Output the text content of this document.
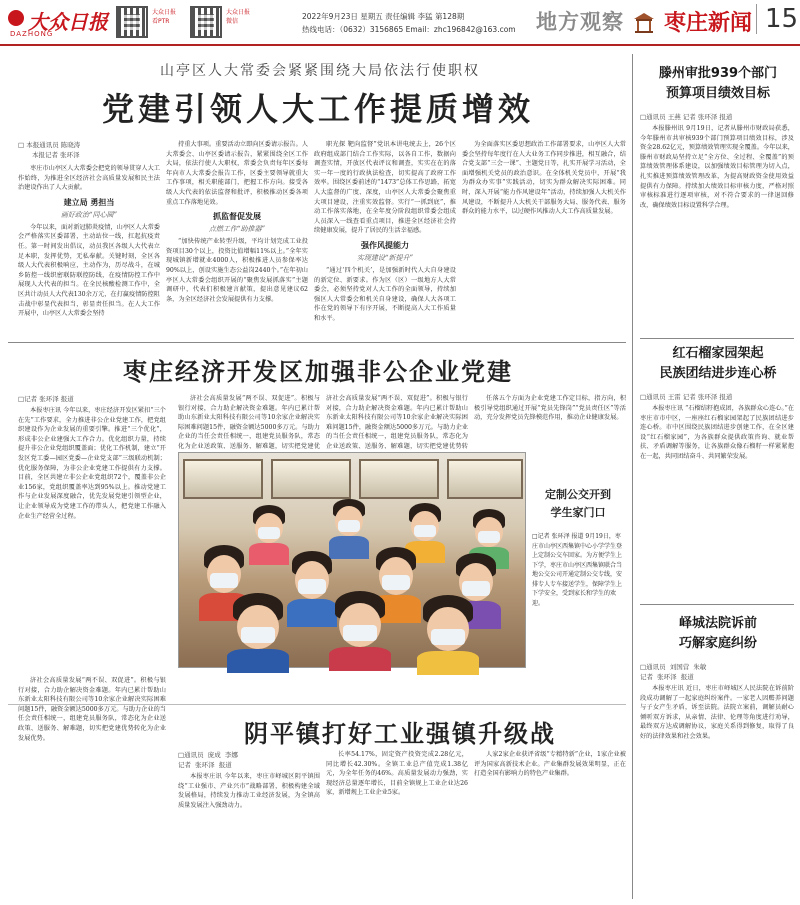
大众日报
DAZHONG
大众日报
看PTR
大众日报
微信
2022年9月23日 星期五 责任编辑 李猛 第128期
热线电话：（0632）3156865 Email：zhc196842@163.com 地方观察 枣庄新闻 15
山亭区人大常委会紧紧围绕大局依法行使职权
党建引领人大工作提质增效
□ 本报通讯员 陈晓涛
本报记者 张环泽

枣庄市山亭区人大常委会把党的领导贯穿人大工作始终，为推进全区经济社会高质量发展和民主法治建设作出了人大贡献。

建立局 勇担当

画好政治“同心圆”

今年以来，面对新冠肺炎疫情，山亭区人大常委会严格落实区委部署，主动站位一线，扛起抗疫责任。第一时间发出倡议，动员我区各级人大代表立足本职，发挥优势，无私奉献。关键时刻，全区各级人大代表积极响应，主动作为，历尽战斗，在城乡防控一线织密联防联控防线，在疫情防控工作中展现人大代表的担当。在全民核酸检测工作中，全区共计动员人大代表130余万元，在打赢疫情防控阻击战中彰显代表担当，彰显责任担当。在人大工作开展中，山亭区人大常委会坚持

持重大事项。重要活动立即向区委请示报告。人大常委会、山亭区委请示报告，紧紧围绕全区工作大局，依法行使人大职权，常委会负责每年区委每年向市人大常委会报告工作，区委主要领导就重大工作事项，相关职能部门，把握工作方向。接受各级人大代表的依法监督和批评，积极推动区委各项重点工作落地见效。

抓监督促发展

点燃工作“助推器”

“加快传统产业转型升级，平均计划完成工业投资项目30个以上，投资比值增幅11%以上。”全年实现城镇新增就业4000人，积极推进人员参保率达90%以上，创设实施生态公益岗2440个。”在年初山亭区人大常委会组织开展的“聚焦发展抓落实”主题调研中，代表们积极建言献策，提出意见建议62条，为全区经济社会发展提供有力支撑。

职光探 靶向监督”党讯本讲电统去上，26个区政府组成部门结合工作实际，以各自工作，数据向调查实情，开放区代表评议和调查，实实在在的落实一年一度的行政执法检查，切实提高了政府工作效率。围绕区委前述的“1473”总体工作思路，拓宽人大监督的广度、深度，山亭区人大常委会聚焦重大项目建设，注重实效监督。实行“一抓到底”，推动工作落实落地，在全年度分阶段组织常委会组成人员深入一线查看重点项目，推进全区经济社会持续健康发展，提升了居民的生活幸福感。

强作风提能力

实现建设“新提升”

“通过‘四个机关’，是加强新时代人大自身建设的新定位、新要求。作为区（区）一级地方人大常委会，必须坚持党对人大工作的全面领导，持续加强区人大常委会和机关自身建设，确保人大各项工作在党的领导下有序开展，不断提高人大工作质量和水平。

为全面落实区委思想政治工作部署要求，山亭区人大常委会坚持每年度行在人大业务工作同步推进，相互融合，结合党支部“三会一课”、主题党日等，扎实开展学习活动，全面增强机关党员的政治意识。在全体机关党员中，开展“我为群众办实事”实践活动，切实为群众解决实际困难。同时，深入开展“能力作风建设年”活动，持续加强人大机关作风建设，不断提升人大机关干部服务大局、服务代表、服务群众的能力水平，以过硬作风推动人大工作高质量发展。

枣庄经济开发区加强非公企业党建
□记者 张环泽 报道

本报枣庄讯 今年以来，枣庄经济开发区紧扣“三个在先”工作要求，全力推进非公企业党建工作，把党组织建设作为企业发展的重要引擎。推进“三个优化”，形成非公企业建强大工作合力。优化组织力量，持续提升非公企业党组织覆盖面；优化工作机制，建立“开发区党工委—园区党委—企业党支部”三级联动机制；优化服务保障，为非公企业党建工作提供有力支撑。目前，全区共建立非公企业党组织72个，覆盖非公企业156家，党组织覆盖率达到95%以上。推动党建工作与企业发展深度融合，优先发展党建引领型企业，让企业领导成为党建工作的带头人，把党建工作融入企业生产经营全过程。

济社会高质量发展“两不误、双促进”。积极与银行对接，合力助企解决资金难题。年内已累计帮助山东新业太阳科技有限公司等10余家企业解决实际困难问题15件，融资金额达5000多万元。与助力企业的当任会责任相统一，组建党员服务队，常态化为企业送政策、送服务、解难题，切实把党建优

济社会高质量发展“两不误、双促进”。积极与银行对接，合力助企解决资金难题。年内已累计帮助山东新业太阳科技有限公司等10余家企业解决实际困难问题15件，融资金额达5000多万元。与助力企业的当任会责任相统一，组建党员服务队，常态化为企业送政策、送服务、解难题，切实把党建优势转

任落五个方面为企业党建工作定目标，指方向，积极引导党组织通过开展“党员先锋岗”“党员责任区”等活动，充分发挥党员先锋模范作用，推动企业健康发展。

定制公交开到
学生家门口
□记者 张环泽 报道 9月19日，枣庄市山亭区西集镇中心小学学生登上定制公交车回家。为方便学生上下学，枣庄市山亭区西集镇联合当地公交公司开通定制公交专线，安排专人专车接送学生，保障学生上下学安全，受到家长和学生的欢迎。
阴平镇打好工业强镇升级战

济社会高质量发展“两不误、双促进”。积极与银行对接，合力助企解决资金难题。年内已累计帮助山东新业太阳科技有限公司等10余家企业解决实际困难问题15件，融资金额达5000多万元。与助力企业的当任会责任相统一，组建党员服务队，常态化为企业送政策、送服务、解难题，切实把党建优势转化为企业发展优势。

□通讯员  庞成  李娜
记者  张环泽  报道

本报枣庄讯 今年以来，枣庄市峄城区阴平镇围绕“工业强市、产业兴市”战略部署，积极构建全域发展格局，持续发力推动工业经济发展，为全镇高质量发展注入强劲动力。

长率54.17%，固定资产投资完成2.28亿元，同比增长42.30%。全镇工业总产值完成1.38亿元，为全年任务的46%。高质量发展动力强劲，实现经济总量逐年增长，目前全镇规上工业企业达26家，新增规上工业企业5家。

人家2家企业获评省级“专精特新”企业，1家企业被评为国家高新技术企业。产业集群发展效果明显，正在打造全国有影响力的特色产业集群。

滕州审批939个部门
预算项目绩效目标
□通讯员 王燕 记者 张环泽 报道

本报滕州讯 9月19日，记者从滕州市财政局获悉，今年滕州市共审核939个部门预算项目绩效目标，涉及资金28.62亿元，预算绩效管理实现全覆盖。今年以来，滕州市财政局坚持立足“全方位、全过程、全覆盖”的预算绩效管理体系建设，以加强绩效目标管理为切入点，扎实推进预算绩效管理改革，为提高财政资金使用效益提供有力保障。持续加大绩效目标审核力度，严格对照审核标准进行逐项审核，对不符合要求的一律退回修改，确保绩效目标设置科学合理。

红石榴家园架起
民族团结进步连心桥
□通讯员 王雷 记者 张环泽 报道

本报枣庄讯 “石榴结籽抱成团，各族群众心连心。”在枣庄市市中区，一座座红石榴家园架起了民族团结进步连心桥。市中区围绕民族团结进步创建工作，在全区建设“红石榴家园”，为各族群众提供政策咨询、就业帮扶、矛盾调解等服务，让各族群众像石榴籽一样紧紧抱在一起，共同团结奋斗、共同繁荣发展。

峄城法院诉前
巧解家庭纠纷
□通讯员  刘国营  朱敏
记者  张环泽  报道

本报枣庄讯 近日，枣庄市峄城区人民法院在诉前阶段成功调解了一起家庭纠纷案件。一家老人因赡养问题与子女产生矛盾，诉至法院。法院立案前，调解员耐心倾听双方诉求，从亲情、法律、伦理等角度进行劝导，最终双方达成调解协议，家庭关系得到修复，取得了良好的法律效果和社会效果。
